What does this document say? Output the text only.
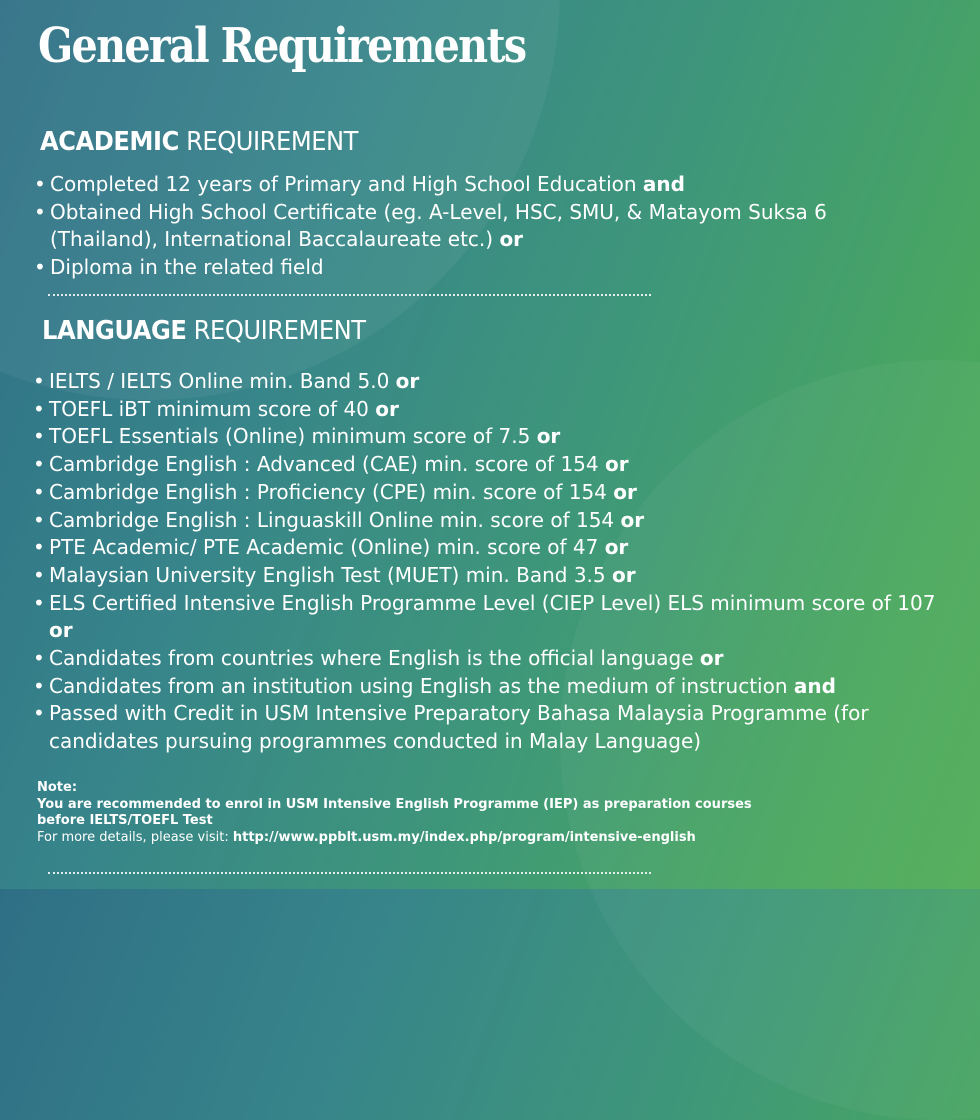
General Requirements
ACADEMIC REQUIREMENT
• Completed 12 years of Primary and High School Education and
• Obtained High School Certificate (eg. A-Level, HSC, SMU, & Matayom Suksa 6 (Thailand), International Baccalaureate etc.) or
• Diploma in the related field
LANGUAGE REQUIREMENT
• IELTS / IELTS Online min. Band 5.0 or
• TOEFL iBT minimum score of 40 or
• TOEFL Essentials (Online) minimum score of 7.5 or
• Cambridge English : Advanced (CAE) min. score of 154 or
• Cambridge English : Proficiency (CPE) min. score of 154 or
• Cambridge English : Linguaskill Online min. score of 154 or
• PTE Academic/ PTE Academic (Online) min. score of 47 or
• Malaysian University English Test (MUET) min. Band 3.5 or
• ELS Certified Intensive English Programme Level (CIEP Level) ELS minimum score of 107 or
• Candidates from countries where English is the official language or
• Candidates from an institution using English as the medium of instruction and
• Passed with Credit in USM Intensive Preparatory Bahasa Malaysia Programme (for candidates pursuing programmes conducted in Malay Language)
Note:
You are recommended to enrol in USM Intensive English Programme (IEP) as preparation courses
before IELTS/TOEFL Test
For more details, please visit: http://www.ppblt.usm.my/index.php/program/intensive-english
